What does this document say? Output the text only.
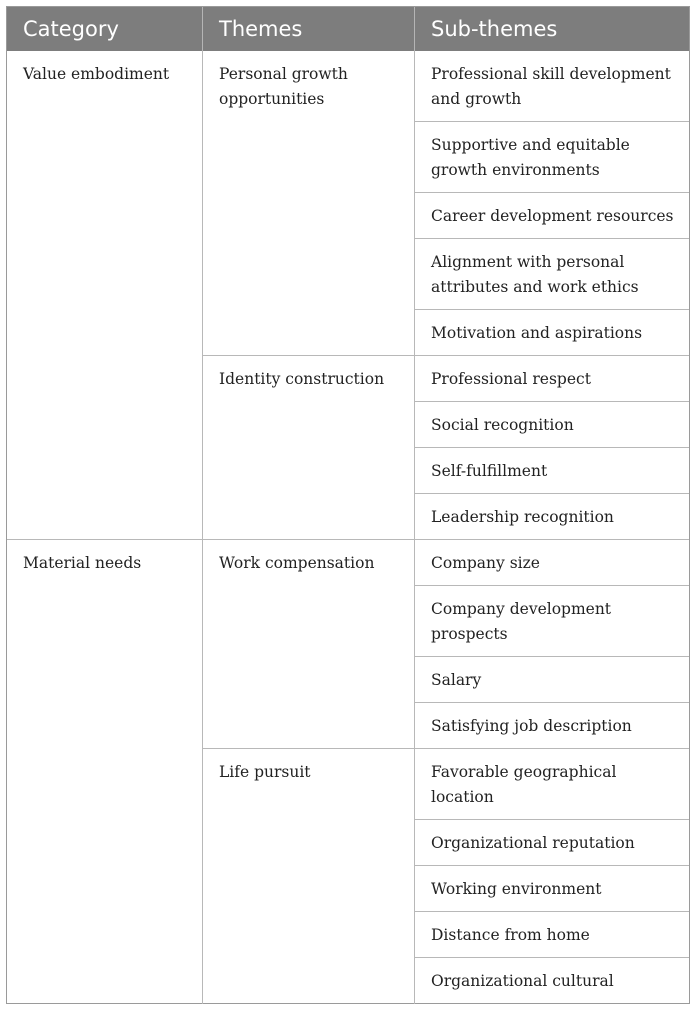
Category	Themes	Sub-themes
Professional skill development and growth
Supportive and equitable growth environments
Career development resources
Alignment with personal attributes and work ethics
Motivation and aspirations
Personal growth opportunities
Professional respect
Social recognition
Self-fulfillment
Leadership recognition
Identity construction
Value embodiment
Company size
Company development prospects
Salary
Satisfying job description
Work compensation
Favorable geographical location
Organizational reputation
Working environment
Distance from home
Organizational cultural
Life pursuit
Material needs
